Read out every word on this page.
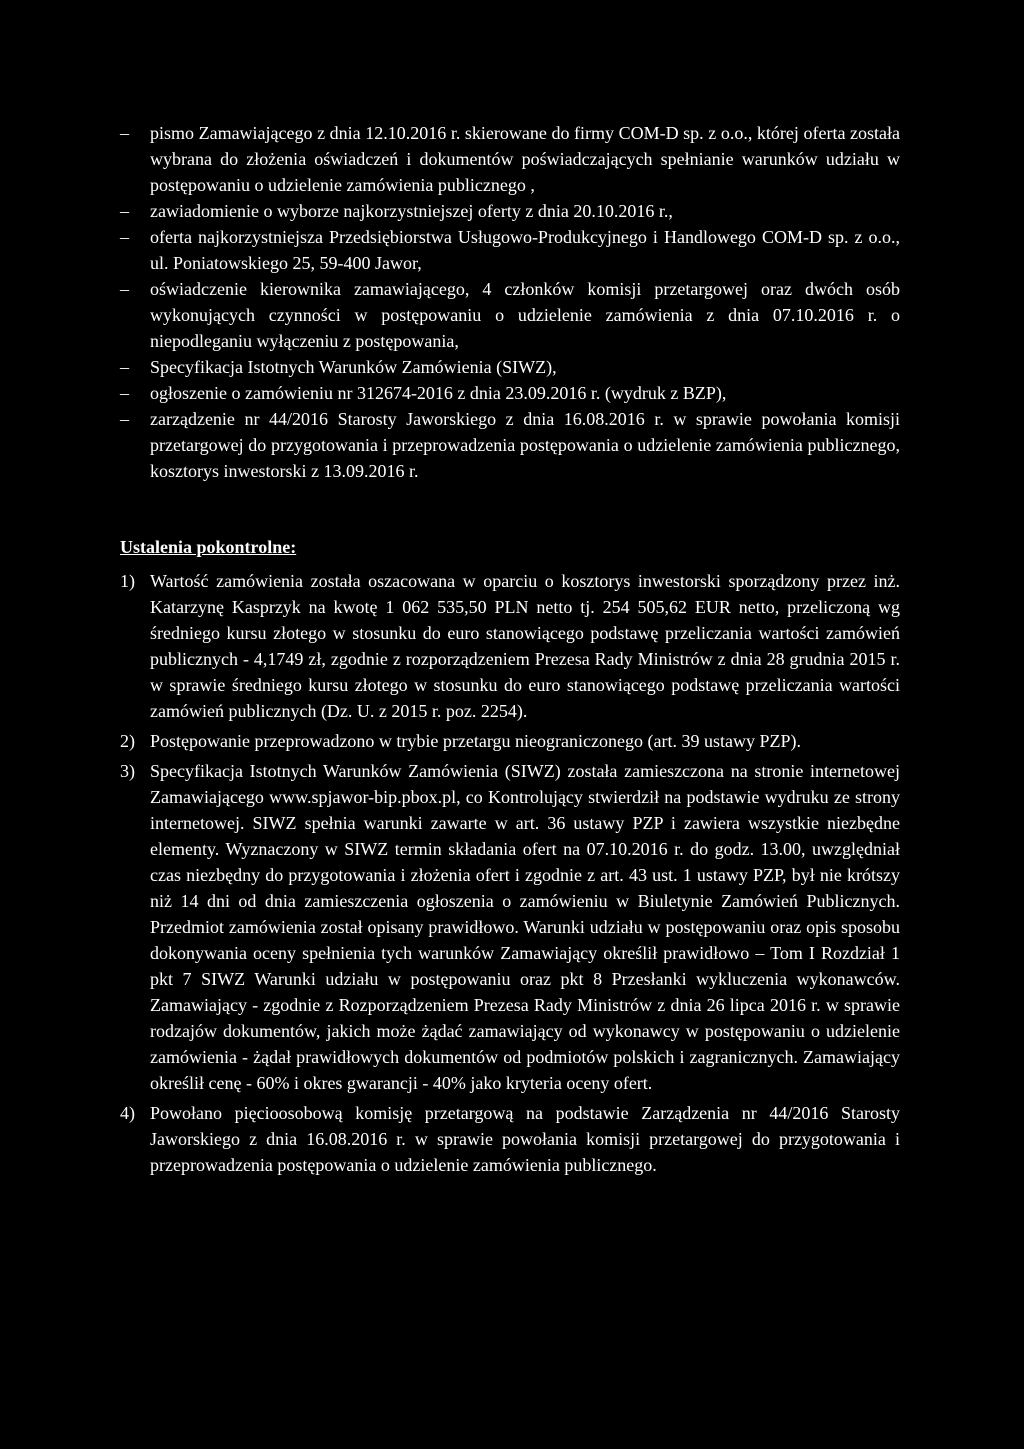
– pismo Zamawiającego z dnia 12.10.2016 r. skierowane do firmy COM-D sp. z o.o., której oferta została wybrana do złożenia oświadczeń i dokumentów poświadczających spełnianie warunków udziału w postępowaniu o udzielenie zamówienia publicznego ,
– zawiadomienie o wyborze najkorzystniejszej oferty z dnia 20.10.2016 r.,
– oferta najkorzystniejsza Przedsiębiorstwa Usługowo-Produkcyjnego i Handlowego COM-D sp. z o.o., ul. Poniatowskiego 25, 59-400 Jawor,
– oświadczenie kierownika zamawiającego, 4 członków komisji przetargowej oraz dwóch osób wykonujących czynności w postępowaniu o udzielenie zamówienia z dnia 07.10.2016 r. o niepodleganiu wyłączeniu z postępowania,
– Specyfikacja Istotnych Warunków Zamówienia (SIWZ),
– ogłoszenie o zamówieniu nr 312674-2016 z dnia 23.09.2016 r. (wydruk z BZP),
– zarządzenie nr 44/2016 Starosty Jaworskiego z dnia 16.08.2016 r. w sprawie powołania komisji przetargowej do przygotowania i przeprowadzenia postępowania o udzielenie zamówienia publicznego, kosztorys inwestorski z 13.09.2016 r.
Ustalenia pokontrolne:
1) Wartość zamówienia została oszacowana w oparciu o kosztorys inwestorski sporządzony przez inż. Katarzynę Kasprzyk na kwotę 1 062 535,50 PLN netto tj. 254 505,62 EUR netto, przeliczoną wg średniego kursu złotego w stosunku do euro stanowiącego podstawę przeliczania wartości zamówień publicznych - 4,1749 zł, zgodnie z rozporządzeniem Prezesa Rady Ministrów z dnia 28 grudnia 2015 r. w sprawie średniego kursu złotego w stosunku do euro stanowiącego podstawę przeliczania wartości zamówień publicznych (Dz. U. z 2015 r. poz. 2254).
2) Postępowanie przeprowadzono w trybie przetargu nieograniczonego (art. 39 ustawy PZP).
3) Specyfikacja Istotnych Warunków Zamówienia (SIWZ) została zamieszczona na stronie internetowej Zamawiającego www.spjawor-bip.pbox.pl, co Kontrolujący stwierdził na podstawie wydruku ze strony internetowej. SIWZ spełnia warunki zawarte w art. 36 ustawy PZP i zawiera wszystkie niezbędne elementy. Wyznaczony w SIWZ termin składania ofert na 07.10.2016 r. do godz. 13.00, uwzględniał czas niezbędny do przygotowania i złożenia ofert i zgodnie z art. 43 ust. 1 ustawy PZP, był nie krótszy niż 14 dni od dnia zamieszczenia ogłoszenia o zamówieniu w Biuletynie Zamówień Publicznych. Przedmiot zamówienia został opisany prawidłowo. Warunki udziału w postępowaniu oraz opis sposobu dokonywania oceny spełnienia tych warunków Zamawiający określił prawidłowo – Tom I Rozdział 1 pkt 7 SIWZ Warunki udziału w postępowaniu oraz pkt 8 Przesłanki wykluczenia wykonawców. Zamawiający - zgodnie z Rozporządzeniem Prezesa Rady Ministrów z dnia 26 lipca 2016 r. w sprawie rodzajów dokumentów, jakich może żądać zamawiający od wykonawcy w postępowaniu o udzielenie zamówienia - żądał prawidłowych dokumentów od podmiotów polskich i zagranicznych. Zamawiający określił cenę - 60% i okres gwarancji - 40% jako kryteria oceny ofert.
4) Powołano pięcioosobową komisję przetargową na podstawie Zarządzenia nr 44/2016 Starosty Jaworskiego z dnia 16.08.2016 r. w sprawie powołania komisji przetargowej do przygotowania i przeprowadzenia postępowania o udzielenie zamówienia publicznego.
